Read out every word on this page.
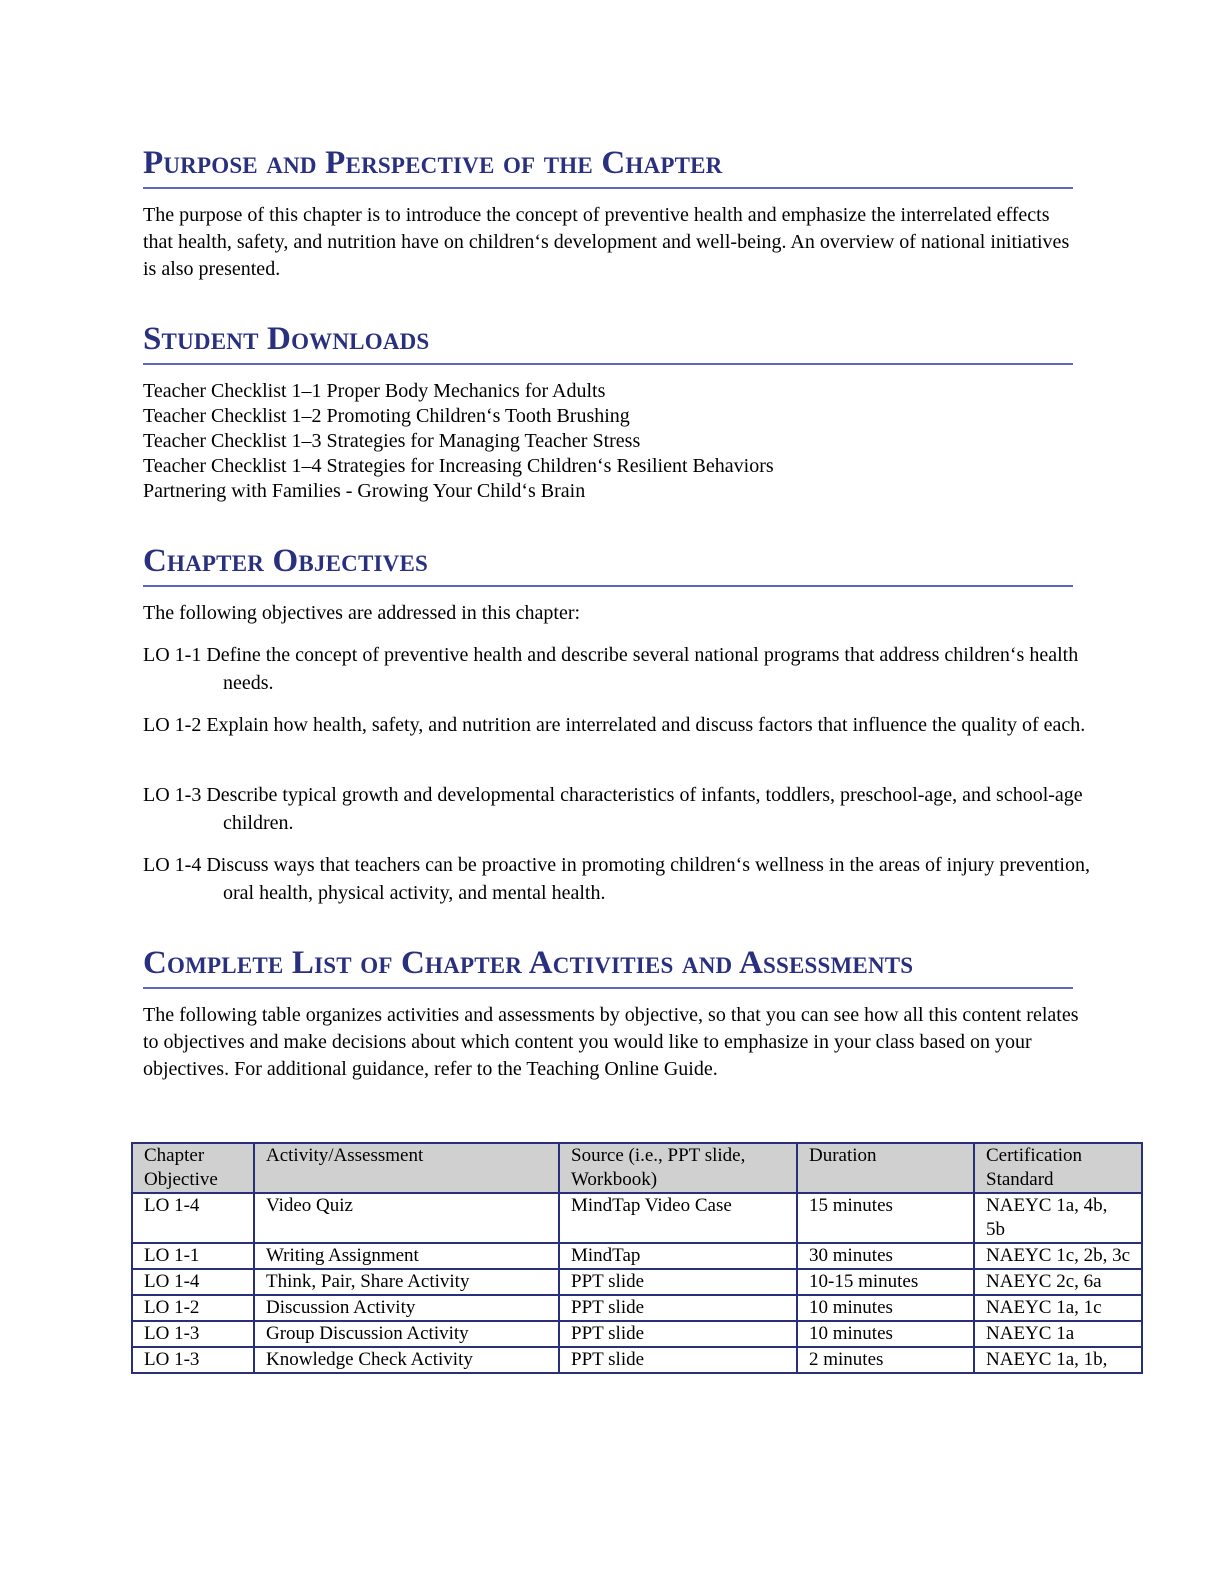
Purpose and Perspective of the Chapter
The purpose of this chapter is to introduce the concept of preventive health and emphasize the interrelated effects that health, safety, and nutrition have on children‘s development and well-being. An overview of national initiatives is also presented.
Student Downloads
Teacher Checklist 1–1 Proper Body Mechanics for Adults
Teacher Checklist 1–2 Promoting Children‘s Tooth Brushing
Teacher Checklist 1–3 Strategies for Managing Teacher Stress
Teacher Checklist 1–4 Strategies for Increasing Children‘s Resilient Behaviors
Partnering with Families - Growing Your Child‘s Brain
Chapter Objectives
The following objectives are addressed in this chapter:
LO 1-1 Define the concept of preventive health and describe several national programs that address children‘s health needs.
LO 1-2 Explain how health, safety, and nutrition are interrelated and discuss factors that influence the quality of each.
LO 1-3 Describe typical growth and developmental characteristics of infants, toddlers, preschool-age, and school-age children.
LO 1-4 Discuss ways that teachers can be proactive in promoting children‘s wellness in the areas of injury prevention, oral health, physical activity, and mental health.
Complete List of Chapter Activities and Assessments
The following table organizes activities and assessments by objective, so that you can see how all this content relates to objectives and make decisions about which content you would like to emphasize in your class based on your objectives. For additional guidance, refer to the Teaching Online Guide.
Chapter Objective	Activity/Assessment	Source (i.e., PPT slide, Workbook)	Duration	Certification Standard
LO 1-4	Video Quiz	MindTap Video Case	15 minutes	NAEYC 1a, 4b, 5b
LO 1-1	Writing Assignment	MindTap	30 minutes	NAEYC 1c, 2b, 3c
LO 1-4	Think, Pair, Share Activity	PPT slide	10-15 minutes	NAEYC 2c, 6a
LO 1-2	Discussion Activity	PPT slide	10 minutes	NAEYC 1a, 1c
LO 1-3	Group Discussion Activity	PPT slide	10 minutes	NAEYC 1a
LO 1-3	Knowledge Check Activity	PPT slide	2 minutes	NAEYC 1a, 1b,
